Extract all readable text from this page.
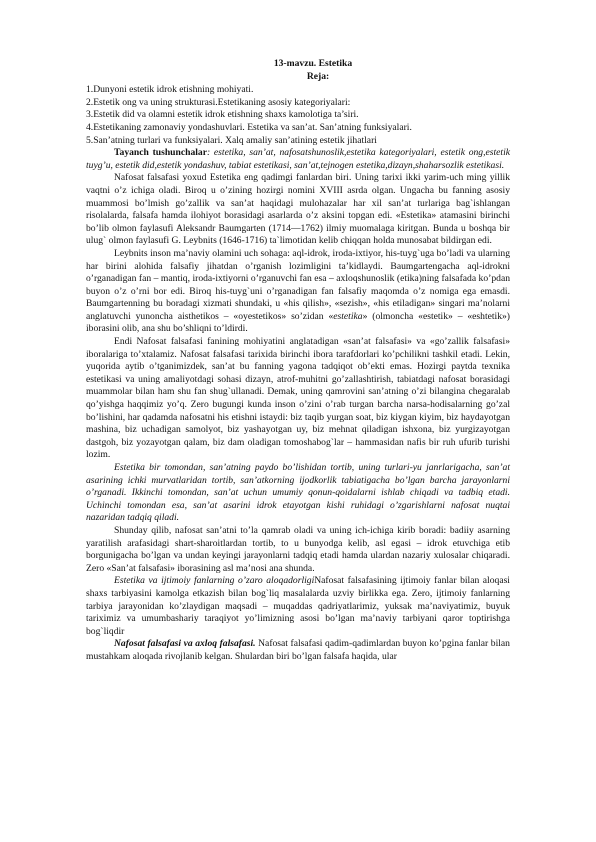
13-mavzu. Estetika

Reja:

1.Dunyoni estetik idrok etishning mohiyati.
2.Estetik ong va uning strukturasi.Estetikaning asosiy kategoriyalari:
3.Estetik did va olamni estetik idrok etishning shaxs kamolotiga ta’siri.
4.Estetikaning zamonaviy yondashuvlari. Estetika va san’at. San’atning funksiyalari.
5.San’atning turlari va funksiyalari. Xalq amaliy san’atining estetik jihatlari

Tayanch tushunchalar: estetika, san’at, nafosatshunoslik,estetika kategoriyalari, estetik ong,estetik tuyg’u, estetik did,estetik yondashuv, tabiat estetikasi, san’at,tejnogen estetika,dizayn,shaharsozlik estetikasi.

Nafosat falsafasi yoxud Estetika eng qadimgi fanlardan biri. Uning tarixi ikki yarim-uch ming yillik vaqtni o’z ichiga oladi. Biroq u o’zining hozirgi nomini XVIII asrda olgan. Ungacha bu fanning asosiy muammosi bo’lmish go’zallik va san’at haqidagi mulohazalar har xil san’at turlariga bag`ishlangan risolalarda, falsafa hamda ilohiyot borasidagi asarlarda o’z aksini topgan edi. «Estetika» atamasini birinchi bo’lib olmon faylasufi Aleksandr Baumgarten (1714—1762) ilmiy muomalaga kiritgan. Bunda u boshqa bir ulug` olmon faylasufi G. Leybnits (1646-1716) ta`limotidan kelib chiqqan holda munosabat bildirgan edi.

Leybnits inson ma’naviy olamini uch sohaga: aql-idrok, iroda-ixtiyor, his-tuyg`uga bo’ladi va ularning har birini alohida falsafiy jihatdan o’rganish lozimligini ta’kidlaydi. Baumgartengacha aql-idrokni o’rganadigan fan – mantiq, iroda-ixtiyorni o’rganuvchi fan esa – axloqshunoslik (etika)ning falsafada ko’pdan buyon o’z o’rni bor edi. Biroq his-tuyg`uni o’rganadigan fan falsafiy maqomda o’z nomiga ega emasdi. Baumgartenning bu boradagi xizmati shundaki, u «his qilish», «sezish», «his etiladigan» singari ma’nolarni anglatuvchi yunoncha aisthetikos – «oyestetikos» so’zidan «estetika» (olmoncha «estetik» – «eshtetik») iborasini olib, ana shu bo’shliqni to’ldirdi.

Endi Nafosat falsafasi fanining mohiyatini anglatadigan «san’at falsafasi» va «go’zallik falsafasi» iboralariga to’xtalamiz. Nafosat falsafasi tarixida birinchi ibora tarafdorlari ko’pchilikni tashkil etadi. Lekin, yuqorida aytib o’tganimizdek, san’at bu fanning yagona tadqiqot ob’ekti emas. Hozirgi paytda texnika estetikasi va uning amaliyotdagi sohasi dizayn, atrof-muhitni go’zallashtirish, tabiatdagi nafosat borasidagi muammolar bilan ham shu fan shug`ullanadi. Demak, uning qamrovini san’atning o’zi bilangina chegaralab qo’yishga haqqimiz yo’q. Zero bugungi kunda inson o’zini o’rab turgan barcha narsa-hodisalarning go’zal bo’lishini, har qadamda nafosatni his etishni istaydi: biz taqib yurgan soat, biz kiygan kiyim, biz haydayotgan mashina, biz uchadigan samolyot, biz yashayotgan uy, biz mehnat qiladigan ishxona, biz yurgizayotgan dastgoh, biz yozayotgan qalam, biz dam oladigan tomoshabog`lar – hammasidan nafis bir ruh ufurib turishi lozim.

Estetika bir tomondan, san’atning paydo bo’lishidan tortib, uning turlari-yu janrlarigacha, san’at asarining ichki murvatlaridan tortib, san’atkorning ijodkorlik tabiatigacha bo’lgan barcha jarayonlarni o’rganadi. Ikkinchi tomondan, san’at uchun umumiy qonun-qoidalarni ishlab chiqadi va tadbiq etadi. Uchinchi tomondan esa, san’at asarini idrok etayotgan kishi ruhidagi o’zgarishlarni nafosat nuqtai nazaridan tadqiq qiladi.

Shunday qilib, nafosat san’atni to’la qamrab oladi va uning ich-ichiga kirib boradi: badiiy asarning yaratilish arafasidagi shart-sharoitlardan tortib, to u bunyodga kelib, asl egasi – idrok etuvchiga etib borgunigacha bo’lgan va undan keyingi jarayonlarni tadqiq etadi hamda ulardan nazariy xulosalar chiqaradi. Zero «San’at falsafasi» iborasining asl ma’nosi ana shunda.

Estetika va ijtimoiy fanlarning o’zaro aloqadorligiNafosat falsafasining ijtimoiy fanlar bilan aloqasi shaxs tarbiyasini kamolga etkazish bilan bog`liq masalalarda uzviy birlikka ega. Zero, ijtimoiy fanlarning tarbiya jarayonidan ko’zlaydigan maqsadi – muqaddas qadriyatlarimiz, yuksak ma’naviyatimiz, buyuk tariximiz va umumbashariy taraqiyot yo’limizning asosi bo’lgan ma’naviy tarbiyani qaror toptirishga bog`liqdir

Nafosat falsafasi va axloq falsafasi. Nafosat falsafasi qadim-qadimlardan buyon ko’pgina fanlar bilan mustahkam aloqada rivojlanib kelgan. Shulardan biri bo’lgan falsafa haqida, ular
